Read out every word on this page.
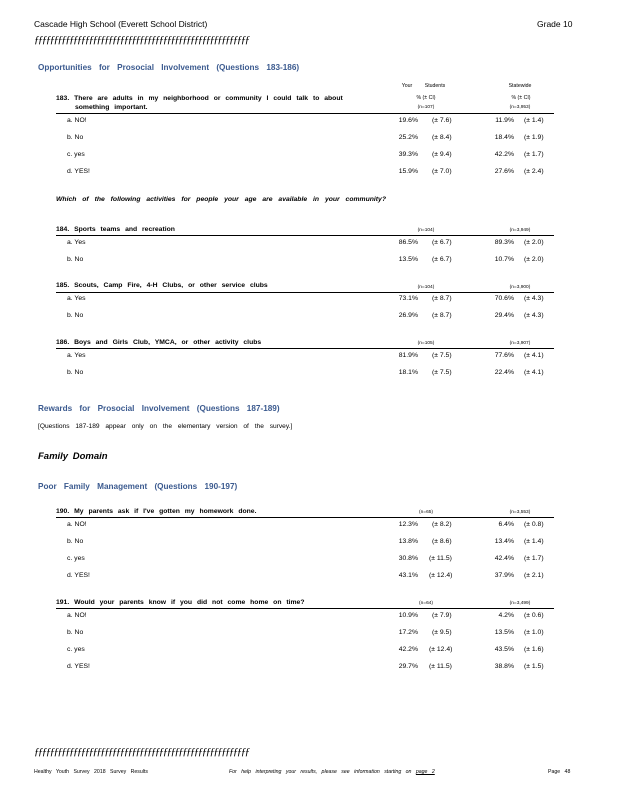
Cascade High School (Everett School District)	Grade 10
ƒƒƒƒƒƒƒƒƒƒƒƒƒƒƒƒƒƒƒƒƒƒƒƒƒƒƒƒƒƒƒƒƒƒƒƒƒƒƒƒƒƒƒƒƒƒƒƒƒƒƒƒƒƒƒ
Opportunities for Prosocial Involvement (Questions 183-186)
Your	Students	Statewide
% (± CI)	% (± CI)
183. There are adults in my neighborhood or community I could talk to about
something important.	(n=107)	(n=3,953)
a. NO!	19.6% (± 7.6)	11.9% (± 1.4)
b. No	25.2% (± 8.4)	18.4% (± 1.9)
c. yes	39.3% (± 9.4)	42.2% (± 1.7)
d. YES!	15.9% (± 7.0)	27.6% (± 2.4)
Which of the following activities for people your age are available in your community?
184. Sports teams and recreation	(n=104)	(n=3,949)
a. Yes	86.5% (± 6.7)	89.3% (± 2.0)
b. No	13.5% (± 6.7)	10.7% (± 2.0)
185. Scouts, Camp Fire, 4-H Clubs, or other service clubs	(n=104)	(n=3,900)
a. Yes	73.1% (± 8.7)	70.6% (± 4.3)
b. No	26.9% (± 8.7)	29.4% (± 4.3)
186. Boys and Girls Club, YMCA, or other activity clubs	(n=105)	(n=3,907)
a. Yes	81.9% (± 7.5)	77.6% (± 4.1)
b. No	18.1% (± 7.5)	22.4% (± 4.1)
Rewards for Prosocial Involvement (Questions 187-189)
[Questions 187-189 appear only on the elementary version of the survey.]
Family Domain
Poor Family Management (Questions 190-197)
190. My parents ask if I've gotten my homework done.	(n=65)	(n=3,553)
a. NO!	12.3% (± 8.2)	6.4% (± 0.8)
b. No	13.8% (± 8.6)	13.4% (± 1.4)
c. yes	30.8% (± 11.5)	42.4% (± 1.7)
d. YES!	43.1% (± 12.4)	37.9% (± 2.1)
191. Would your parents know if you did not come home on time?	(n=64)	(n=3,499)
a. NO!	10.9% (± 7.9)	4.2% (± 0.6)
b. No	17.2% (± 9.5)	13.5% (± 1.0)
c. yes	42.2% (± 12.4)	43.5% (± 1.6)
d. YES!	29.7% (± 11.5)	38.8% (± 1.5)
ƒƒƒƒƒƒƒƒƒƒƒƒƒƒƒƒƒƒƒƒƒƒƒƒƒƒƒƒƒƒƒƒƒƒƒƒƒƒƒƒƒƒƒƒƒƒƒƒƒƒƒƒƒƒƒ
Healthy Youth Survey 2018 Survey Results	For help interpreting your results, please see information starting on page 2	Page 48
